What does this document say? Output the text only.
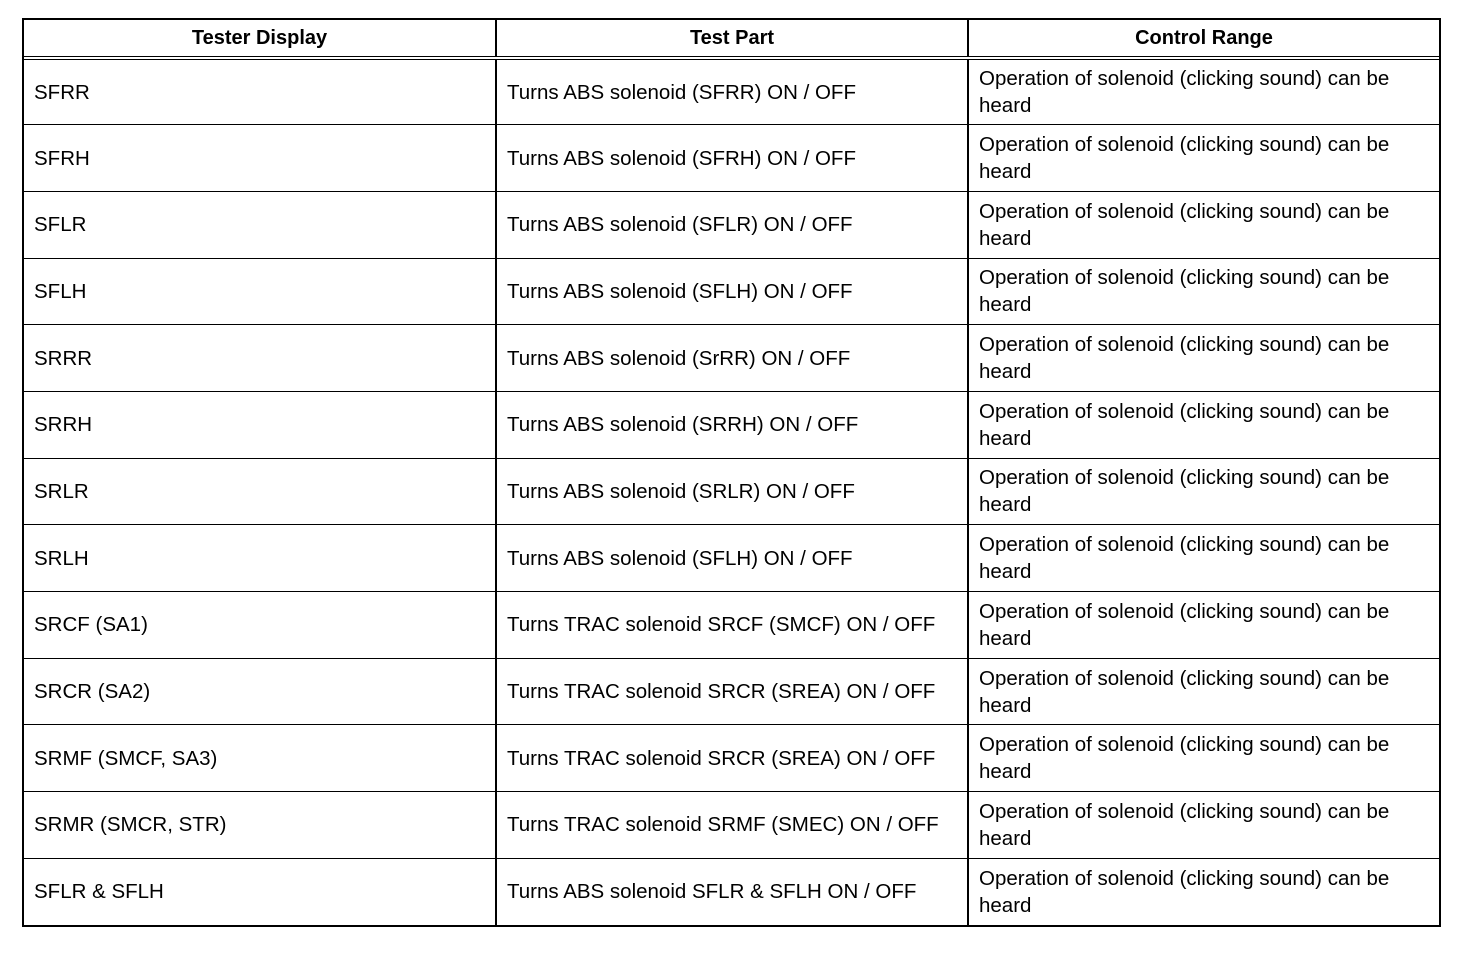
Tester Display	Test Part	Control Range
SFRR	Turns ABS solenoid (SFRR) ON / OFF	Operation of solenoid (clicking sound) can be heard
SFRH	Turns ABS solenoid (SFRH) ON / OFF	Operation of solenoid (clicking sound) can be heard
SFLR	Turns ABS solenoid (SFLR) ON / OFF	Operation of solenoid (clicking sound) can be heard
SFLH	Turns ABS solenoid (SFLH) ON / OFF	Operation of solenoid (clicking sound) can be heard
SRRR	Turns ABS solenoid (SrRR) ON / OFF	Operation of solenoid (clicking sound) can be heard
SRRH	Turns ABS solenoid (SRRH) ON / OFF	Operation of solenoid (clicking sound) can be heard
SRLR	Turns ABS solenoid (SRLR) ON / OFF	Operation of solenoid (clicking sound) can be heard
SRLH	Turns ABS solenoid (SFLH) ON / OFF	Operation of solenoid (clicking sound) can be heard
SRCF (SA1)	Turns TRAC solenoid SRCF (SMCF) ON / OFF	Operation of solenoid (clicking sound) can be heard
SRCR (SA2)	Turns TRAC solenoid SRCR (SREA) ON / OFF	Operation of solenoid (clicking sound) can be heard
SRMF (SMCF, SA3)	Turns TRAC solenoid SRCR (SREA) ON / OFF	Operation of solenoid (clicking sound) can be heard
SRMR (SMCR, STR)	Turns TRAC solenoid SRMF (SMEC) ON / OFF	Operation of solenoid (clicking sound) can be heard
SFLR & SFLH	Turns ABS solenoid SFLR & SFLH ON / OFF	Operation of solenoid (clicking sound) can be heard
